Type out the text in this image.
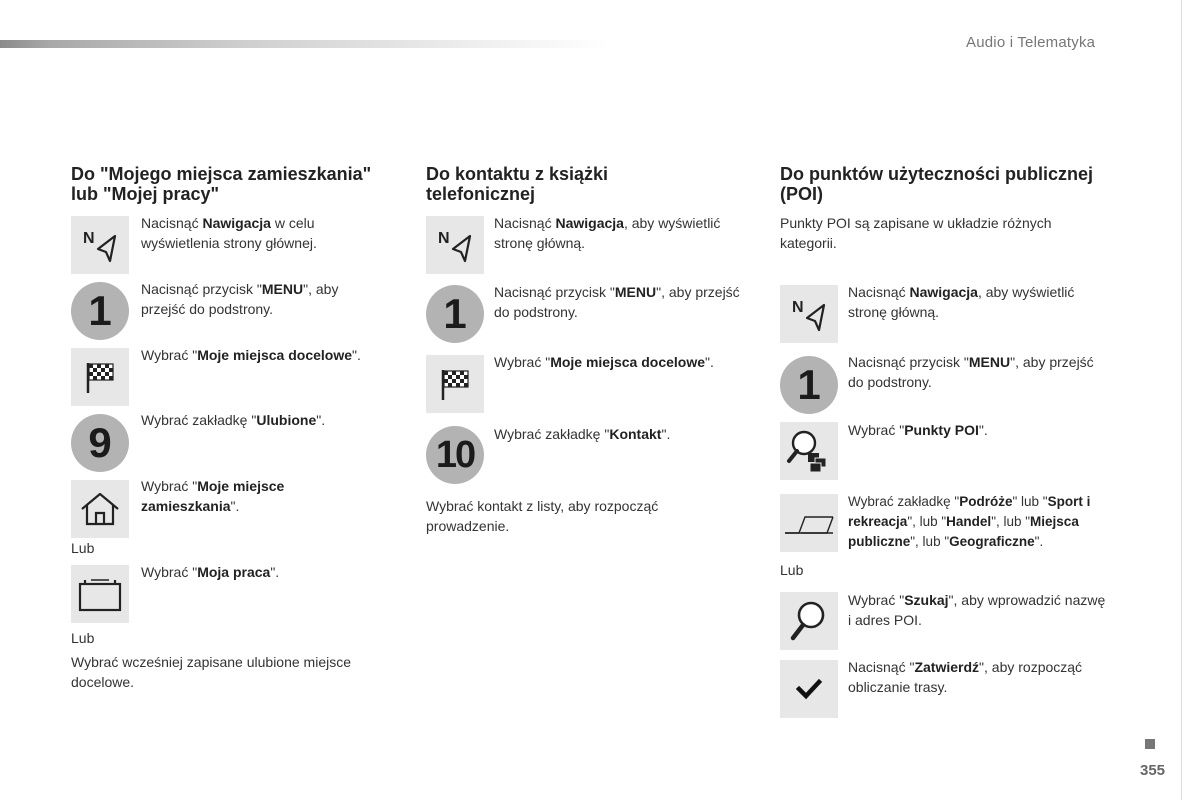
Audio i Telematyka
Do "Mojego miejsca zamieszkania" lub "Mojej pracy"
N
Nacisnąć Nawigacja w celu wyświetlenia strony głównej.
1	Nacisnąć przycisk "MENU", aby przejść do podstrony.
Wybrać "Moje miejsca docelowe".
9	Wybrać zakładkę "Ulubione".
Wybrać "Moje miejsce zamieszkania".
Lub
Wybrać "Moja praca".
Lub
Wybrać wcześniej zapisane ulubione miejsce docelowe.
Do kontaktu z książki telefonicznej
N
Nacisnąć Nawigacja, aby wyświetlić stronę główną.
1	Nacisnąć przycisk "MENU", aby przejść do podstrony.
Wybrać "Moje miejsca docelowe".
10	Wybrać zakładkę "Kontakt".
Wybrać kontakt z listy, aby rozpocząć prowadzenie.
Do punktów użyteczności publicznej (POI)
Punkty POI są zapisane w układzie różnych kategorii.
N
Nacisnąć Nawigacja, aby wyświetlić stronę główną.
1	Nacisnąć przycisk "MENU", aby przejść do podstrony.
Wybrać "Punkty POI".
Wybrać zakładkę "Podróże" lub "Sport i rekreacja", lub "Handel", lub "Miejsca publiczne", lub "Geograficzne".
Lub
Wybrać "Szukaj", aby wprowadzić nazwę i adres POI.
Nacisnąć "Zatwierdź", aby rozpocząć obliczanie trasy.
355
